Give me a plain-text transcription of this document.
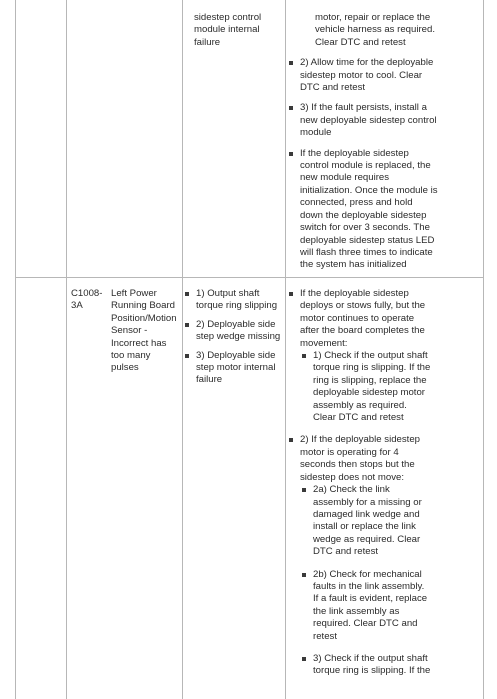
sidestep control module internal failure
motor, repair or replace the vehicle harness as required. Clear DTC and retest
2) Allow time for the deployable sidestep motor to cool. Clear DTC and retest
3) If the fault persists, install a new deployable sidestep control module
If the deployable sidestep control module is replaced, the new module requires initialization. Once the module is connected, press and hold down the deployable sidestep switch for over 3 seconds. The deployable sidestep status LED will flash three times to indicate the system has initialized
C1008-3A
Left Power Running Board Position/Motion Sensor - Incorrect has too many pulses
1) Output shaft torque ring slipping
2) Deployable side step wedge missing
3) Deployable side step motor internal failure
If the deployable sidestep deploys or stows fully, but the motor continues to operate after the board completes the movement:
1) Check if the output shaft torque ring is slipping. If the ring is slipping, replace the deployable sidestep motor assembly as required. Clear DTC and retest
2) If the deployable sidestep motor is operating for 4 seconds then stops but the sidestep does not move:
2a) Check the link assembly for a missing or damaged link wedge and install or replace the link wedge as required. Clear DTC and retest
2b) Check for mechanical faults in the link assembly. If a fault is evident, replace the link assembly as required. Clear DTC and retest
3) Check if the output shaft torque ring is slipping. If the
